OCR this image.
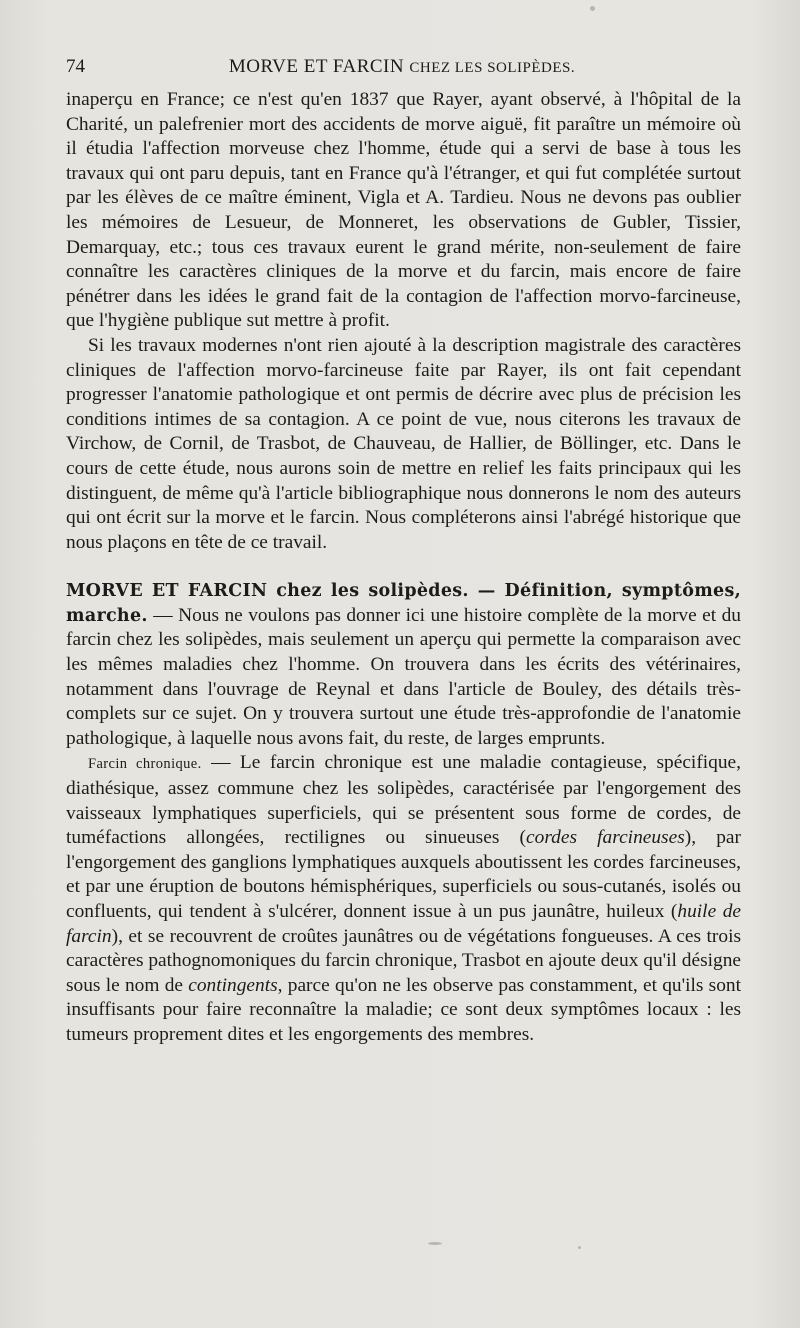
74	MORVE ET FARCIN CHEZ LES SOLIPÈDES.

inaperçu en France; ce n'est qu'en 1837 que Rayer, ayant observé, à l'hôpital de la Charité, un palefrenier mort des accidents de morve aiguë, fit paraître un mémoire où il étudia l'affection morveuse chez l'homme, étude qui a servi de base à tous les travaux qui ont paru depuis, tant en France qu'à l'étranger, et qui fut complétée surtout par les élèves de ce maître éminent, Vigla et A. Tardieu. Nous ne devons pas oublier les mémoires de Lesueur, de Monneret, les observations de Gubler, Tissier, Demarquay, etc.; tous ces travaux eurent le grand mérite, non-seulement de faire connaître les caractères cliniques de la morve et du farcin, mais encore de faire pénétrer dans les idées le grand fait de la contagion de l'affection morvo-farcineuse, que l'hygiène publique sut mettre à profit.

Si les travaux modernes n'ont rien ajouté à la description magistrale des caractères cliniques de l'affection morvo-farcineuse faite par Rayer, ils ont fait cependant progresser l'anatomie pathologique et ont permis de décrire avec plus de précision les conditions intimes de sa contagion. A ce point de vue, nous citerons les travaux de Virchow, de Cornil, de Trasbot, de Chauveau, de Hallier, de Böllinger, etc. Dans le cours de cette étude, nous aurons soin de mettre en relief les faits principaux qui les distinguent, de même qu'à l'article bibliographique nous donnerons le nom des auteurs qui ont écrit sur la morve et le farcin. Nous compléterons ainsi l'abrégé historique que nous plaçons en tête de ce travail.

MORVE ET FARCIN chez les solipèdes. — Définition, symptômes, marche. — Nous ne voulons pas donner ici une histoire complète de la morve et du farcin chez les solipèdes, mais seulement un aperçu qui permette la comparaison avec les mêmes maladies chez l'homme. On trouvera dans les écrits des vétérinaires, notamment dans l'ouvrage de Reynal et dans l'article de Bouley, des détails très-complets sur ce sujet. On y trouvera surtout une étude très-approfondie de l'anatomie pathologique, à laquelle nous avons fait, du reste, de larges emprunts.

Farcin chronique. — Le farcin chronique est une maladie contagieuse, spécifique, diathésique, assez commune chez les solipèdes, caractérisée par l'engorgement des vaisseaux lymphatiques superficiels, qui se présentent sous forme de cordes, de tuméfactions allongées, rectilignes ou sinueuses (cordes farcineuses), par l'engorgement des ganglions lymphatiques auxquels aboutissent les cordes farcineuses, et par une éruption de boutons hémisphériques, superficiels ou sous-cutanés, isolés ou confluents, qui tendent à s'ulcérer, donnent issue à un pus jaunâtre, huileux (huile de farcin), et se recouvrent de croûtes jaunâtres ou de végétations fongueuses. A ces trois caractères pathognomoniques du farcin chronique, Trasbot en ajoute deux qu'il désigne sous le nom de contingents, parce qu'on ne les observe pas constamment, et qu'ils sont insuffisants pour faire reconnaître la maladie; ce sont deux symptômes locaux : les tumeurs proprement dites et les engorgements des membres.
